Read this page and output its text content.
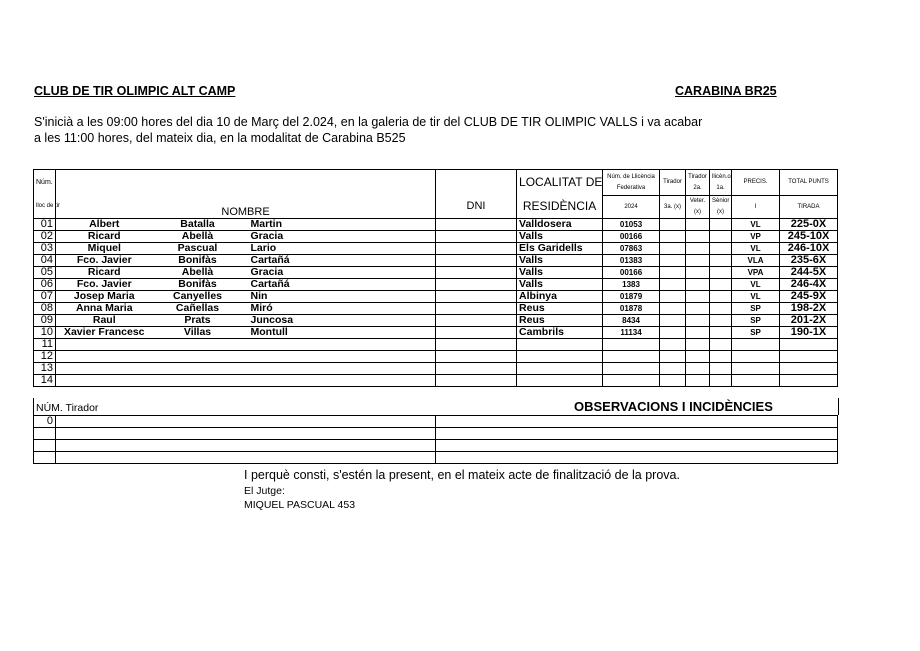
CLUB DE TIR OLIMPIC ALT CAMP	CARABINA BR25
S'inicià a les 09:00 hores del dia 10 de Març del 2.024, en la galeria de tir del CLUB DE TIR OLIMPIC VALLS i va acabar
a les 11:00 hores, del mateix dia, en la modalitat de Carabina B525
Núm.					LOCALITAT DE	Núm. de Llicència Federativa	Tirador	Tirador 2a.	llicèn.o 1a.	PRECIS.	TOTAL PUNTS
lloc de tir	NOMBRE			DNI	RESIDÈNCIA	2024	3a. (x)	Veter. (x)	Sènior (x)	I	TIRADA
01	Albert	Batalla	Martin		Valldosera	01053				VL	225-0X
02	Ricard	Abellà	Gracia		Valls	00166				VP	245-10X
03	Miquel	Pascual	Lario		Els Garidells	07863				VL	246-10X
04	Fco. Javier	Bonifàs	Cartañá		Valls	01383				VLA	235-6X
05	Ricard	Abellà	Gracia		Valls	00166				VPA	244-5X
06	Fco. Javier	Bonifàs	Cartañá		Valls	1383				VL	246-4X
07	Josep Maria	Canyelles	Nin		Albinya	01879				VL	245-9X
08	Anna Maria	Cañellas	Miró		Reus	01878				SP	198-2X
09	Raul	Prats	Juncosa		Reus	8434				SP	201-2X
10	Xavier Francesc	Villas	Montull		Cambrils	11134				SP	190-1X
11											
12											
13											
14											
NÚM. Tirador	OBSERVACIONS I INCIDÈNCIES
0		

I perquè consti, s'estén la present, en el mateix acte de finalització de la prova.
El Jutge:
MIQUEL PASCUAL 453
